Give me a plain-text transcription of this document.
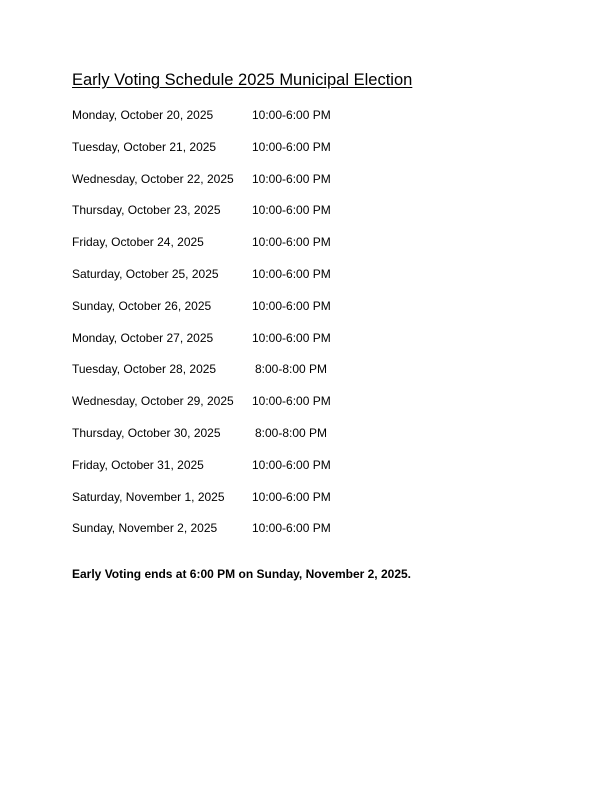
Early Voting Schedule 2025 Municipal Election
Monday, October 20, 2025	10:00-6:00 PM
Tuesday, October 21, 2025	10:00-6:00 PM
Wednesday, October 22, 2025 10:00-6:00 PM
Thursday, October 23, 2025	10:00-6:00 PM
Friday, October 24, 2025	10:00-6:00 PM
Saturday, October 25, 2025	10:00-6:00 PM
Sunday, October 26, 2025	10:00-6:00 PM
Monday, October 27, 2025	10:00-6:00 PM
Tuesday, October 28, 2025	8:00-8:00 PM
Wednesday, October 29, 2025 10:00-6:00 PM
Thursday, October 30, 2025	8:00-8:00 PM
Friday, October 31, 2025	10:00-6:00 PM
Saturday, November 1, 2025 10:00-6:00 PM
Sunday, November 2, 2025	10:00-6:00 PM

Early Voting ends at 6:00 PM on Sunday, November 2, 2025.
